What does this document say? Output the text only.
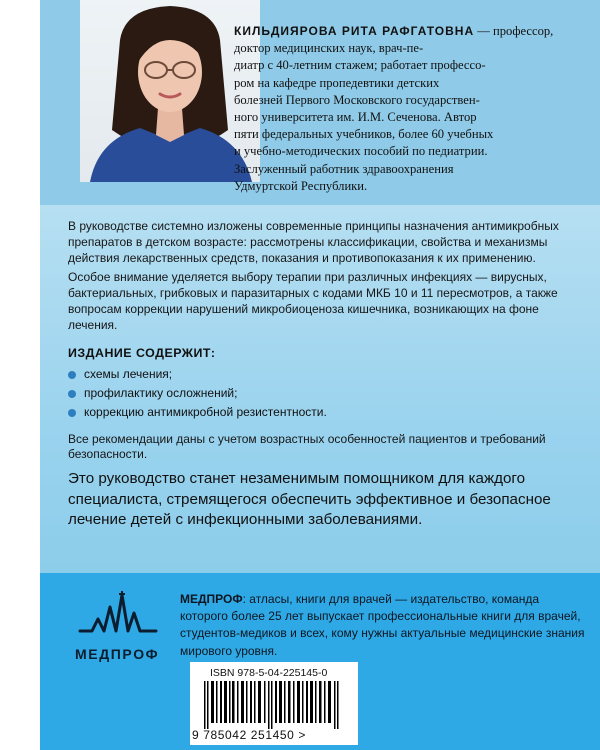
КИЛЬДИЯРОВА РИТА РАФГАТОВНА — профессор, доктор медицинских наук, врач-пе-
диатр с 40-летним стажем; работает профессо-
ром на кафедре пропедевтики детских
болезней Первого Московского государствен-
ного университета им. И.М. Сеченова. Автор
пяти федеральных учебников, более 60 учебных
и учебно-методических пособий по педиатрии.
Заслуженный работник здравоохранения
Удмуртской Республики.

В руководстве системно изложены современные принципы назначения антимикробных препаратов в детском возрасте: рассмотрены классификации, свойства и механизмы действия лекарственных средств, показания и противопоказания к их применению.

Особое внимание уделяется выбору терапии при различных инфекциях — вирусных, бактериальных, грибковых и паразитарных с кодами МКБ 10 и 11 пересмотров, а также вопросам коррекции нарушений микробиоценоза кишечника, возникающих на фоне лечения.

ИЗДАНИЕ СОДЕРЖИТ:
схемы лечения;
профилактику осложнений;
коррекцию антимикробной резистентности.

Все рекомендации даны с учетом возрастных особенностей пациентов и требований безопасности.

Это руководство станет незаменимым помощником для каждого специалиста, стремящегося обеспечить эффективное и безопасное лечение детей с инфекционными заболеваниями.

МЕДПРОФ

МЕДПРОФ: атласы, книги для врачей — издательство, команда которого более 25 лет выпускает профессиональные книги для врачей, студентов-медиков и всех, кому нужны актуальные медицинские знания мирового уровня.

ISBN 978-5-04-225145-0
9 785042 251450 >
